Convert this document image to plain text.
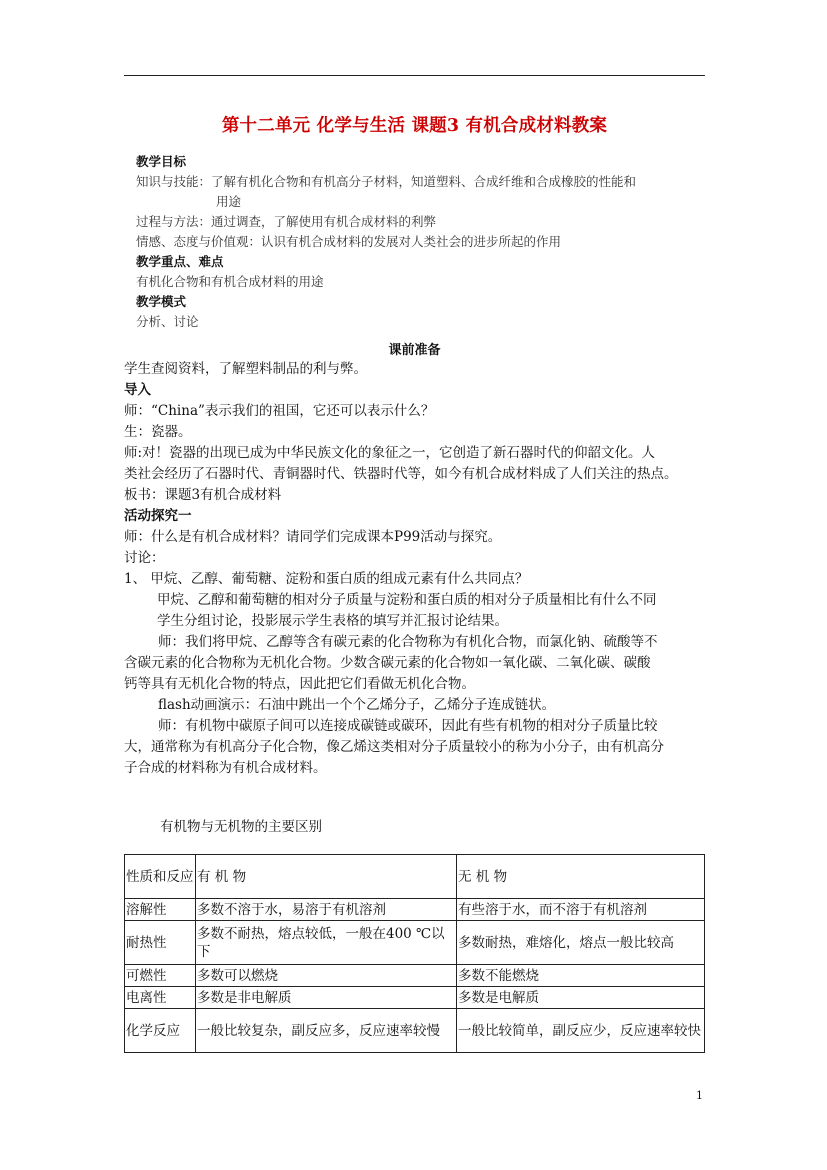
第十二单元 化学与生活 课题3 有机合成材料教案
教学目标
知识与技能：了解有机化合物和有机高分子材料，知道塑料、合成纤维和合成橡胶的性能和
用途
过程与方法：通过调查，了解使用有机合成材料的利弊
情感、态度与价值观：认识有机合成材料的发展对人类社会的进步所起的作用
教学重点、难点
有机化合物和有机合成材料的用途
教学模式
分析、讨论
课前准备
学生查阅资料，了解塑料制品的利与弊。
导入
师：“China”表示我们的祖国，它还可以表示什么？
生：瓷器。
师:对！瓷器的出现已成为中华民族文化的象征之一，它创造了新石器时代的仰韶文化。人
类社会经历了石器时代、青铜器时代、铁器时代等，如今有机合成材料成了人们关注的热点。
板书：课题3有机合成材料
活动探究一
师：什么是有机合成材料？请同学们完成课本P99活动与探究。
讨论：
1、 甲烷、乙醇、葡萄糖、淀粉和蛋白质的组成元素有什么共同点？
甲烷、乙醇和葡萄糖的相对分子质量与淀粉和蛋白质的相对分子质量相比有什么不同
学生分组讨论，投影展示学生表格的填写并汇报讨论结果。
师：我们将甲烷、乙醇等含有碳元素的化合物称为有机化合物，而氯化钠、硫酸等不
含碳元素的化合物称为无机化合物。少数含碳元素的化合物如一氧化碳、二氧化碳、碳酸
钙等具有无机化合物的特点，因此把它们看做无机化合物。
flash动画演示：石油中跳出一个个乙烯分子，乙烯分子连成链状。
师：有机物中碳原子间可以连接成碳链或碳环，因此有些有机物的相对分子质量比较
大，通常称为有机高分子化合物，像乙烯这类相对分子质量较小的称为小分子，由有机高分
子合成的材料称为有机合成材料。
有机物与无机物的主要区别
性质和反应	有 机 物	无 机 物
溶解性	多数不溶于水，易溶于有机溶剂	有些溶于水，而不溶于有机溶剂
耐热性	多数不耐热，熔点较低，一般在400 ℃以下	多数耐热，难熔化，熔点一般比较高
可燃性	多数可以燃烧	多数不能燃烧
电离性	多数是非电解质	多数是电解质
化学反应	一般比较复杂，副反应多，反应速率较慢	一般比较简单，副反应少，反应速率较快
1
